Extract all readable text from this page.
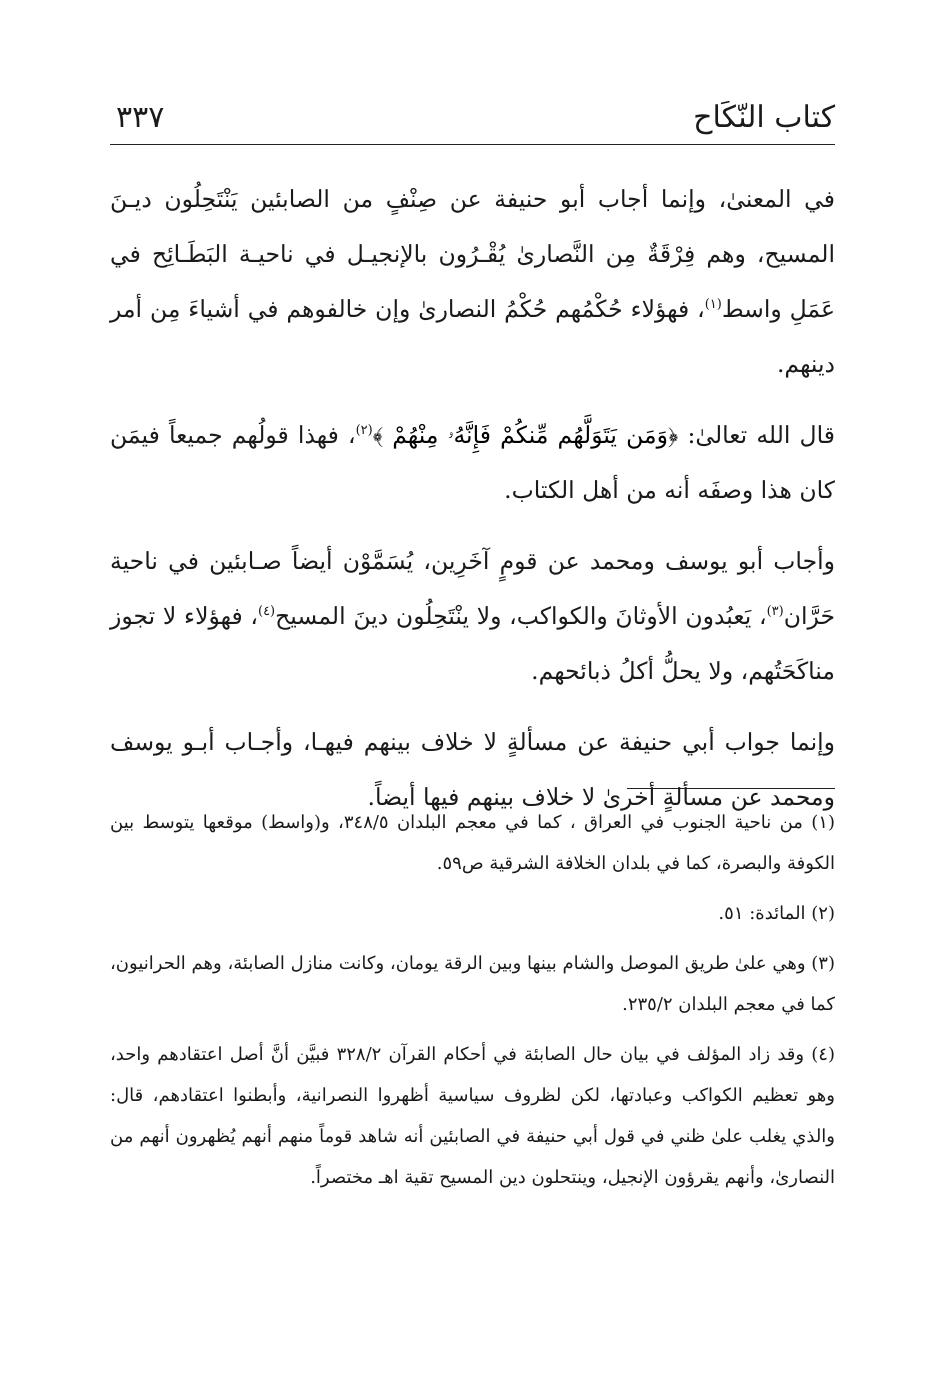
كتاب النّكَاح
٣٣٧

في المعنىٰ، وإنما أجاب أبو حنيفة عن صِنْفٍ من الصابئين يَنْتَحِلُون ديـنَ المسيح، وهم فِرْقَةٌ مِن النَّصارىٰ يُقْـرُون بالإنجيـل في ناحيـة البَطَـائِح في عَمَلِ واسط$^{(١)}$، فهؤلاء حُكْمُهم حُكْمُ النصارىٰ وإن خالفوهم في أشياءَ مِن أمر دينهم.

قال الله تعالىٰ: ﴿وَمَن يَتَوَلَّهُم مِّنكُمْ فَإِنَّهُۥ مِنْهُمْ ﴾$^{(٢)}$، فهذا قولُهم جميعاً فيمَن كان هذا وصفَه أنه من أهل الكتاب.

وأجاب أبو يوسف ومحمد عن قومٍ آخَرِين، يُسَمَّوْن أيضاً صـابئين في ناحية حَرَّان$^{(٣)}$، يَعبُدون الأوثانَ والكواكب، ولا ينْتَحِلُون دينَ المسيح$^{(٤)}$، فهؤلاء لا تجوز مناكَحَتُهم، ولا يحلُّ أكلُ ذبائحهم.

وإنما جواب أبي حنيفة عن مسألةٍ لا خلاف بينهم فيهـا، وأجـاب أبـو يوسف ومحمد عن مسألةٍ أخرىٰ لا خلاف بينهم فيها أيضاً.

(١) من ناحية الجنوب في العراق ، كما في معجم البلدان ٣٤٨/٥، و(واسط) موقعها يتوسط بين الكوفة والبصرة، كما في بلدان الخلافة الشرقية ص٥٩.

(٢) المائدة: ٥١.

(٣) وهي علىٰ طريق الموصل والشام بينها وبين الرقة يومان، وكانت منازل الصابئة، وهم الحرانيون، كما في معجم البلدان ٢٣٥/٢.

(٤) وقد زاد المؤلف في بيان حال الصابئة في أحكام القرآن ٣٢٨/٢ فبيَّن أنَّ أصل اعتقادهم واحد، وهو تعظيم الكواكب وعبادتها، لكن لظروف سياسية أظهروا النصرانية، وأبطنوا اعتقادهم، قال: والذي يغلب علىٰ ظني في قول أبي حنيفة في الصابئين أنه شاهد قوماً منهم أنهم يُظهرون أنهم من النصارىٰ، وأنهم يقرؤون الإنجيل، وينتحلون دين المسيح تقية اهـ مختصراً.
